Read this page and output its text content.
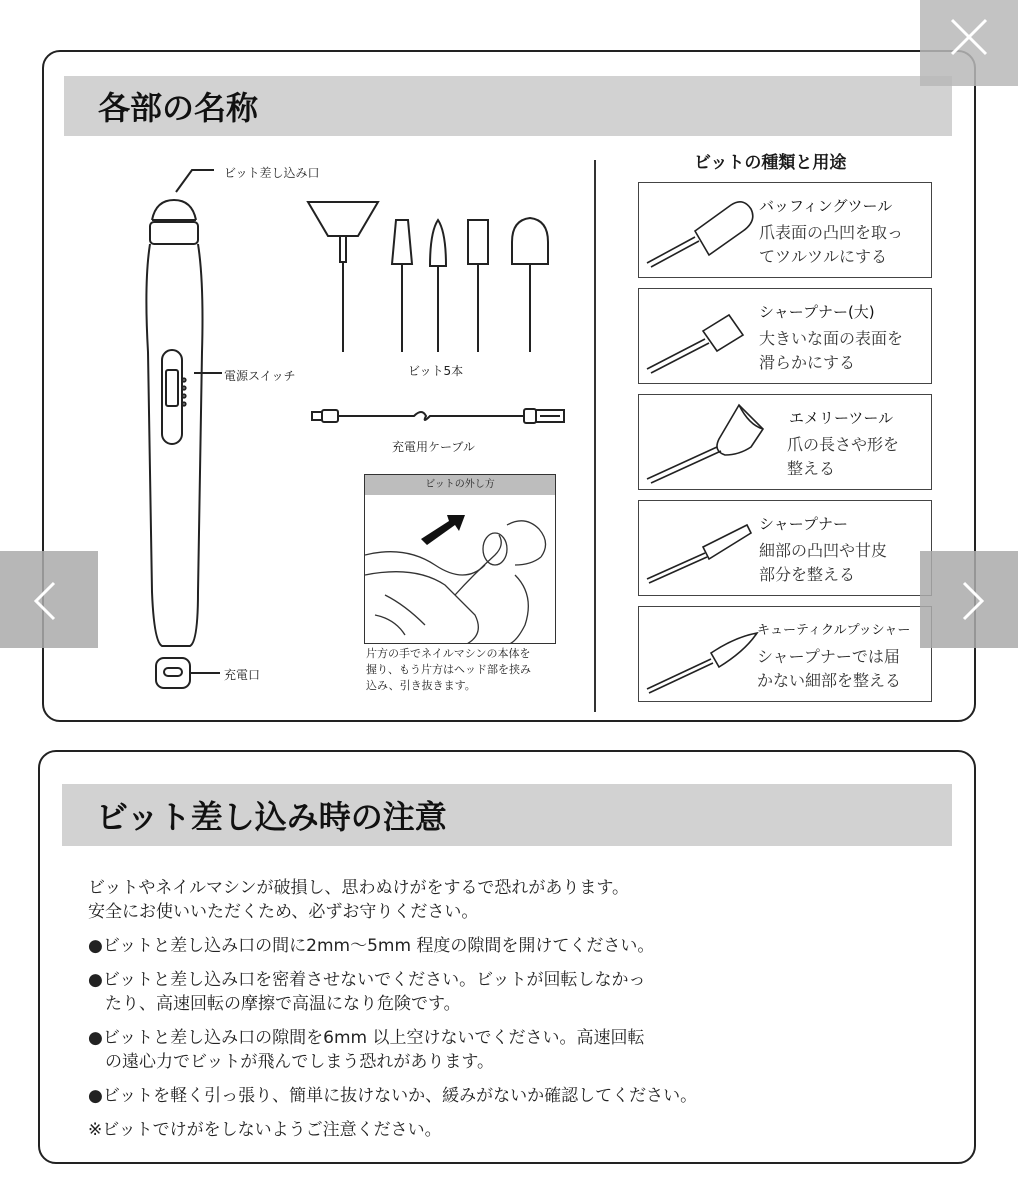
各部の名称
ビット差し込み口
電源スイッチ
充電口
ビット5本
充電用ケーブル
ビットの外し方
片方の手でネイルマシンの本体を
握り、もう片方はヘッド部を挟み
込み、引き抜きます。
ビットの種類と用途
バッフィングツール
爪表面の凸凹を取っ
てツルツルにする
シャープナー(大)
大きいな面の表面を
滑らかにする
エメリーツール
爪の長さや形を
整える
シャープナー
細部の凸凹や甘皮
部分を整える
キューティクルプッシャー
シャープナーでは届
かない細部を整える
ビット差し込み時の注意
ビットやネイルマシンが破損し、思わぬけがをするで恐れがあります。
安全にお使いいただくため、必ずお守りください。
●ビットと差し込み口の間に2mm〜5mm 程度の隙間を開けてください。
●ビットと差し込み口を密着させないでください。ビットが回転しなかっ
　たり、高速回転の摩擦で高温になり危険です。
●ビットと差し込み口の隙間を6mm 以上空けないでください。高速回転
　の遠心力でビットが飛んでしまう恐れがあります。
●ビットを軽く引っ張り、簡単に抜けないか、緩みがないか確認してください。
※ビットでけがをしないようご注意ください。
